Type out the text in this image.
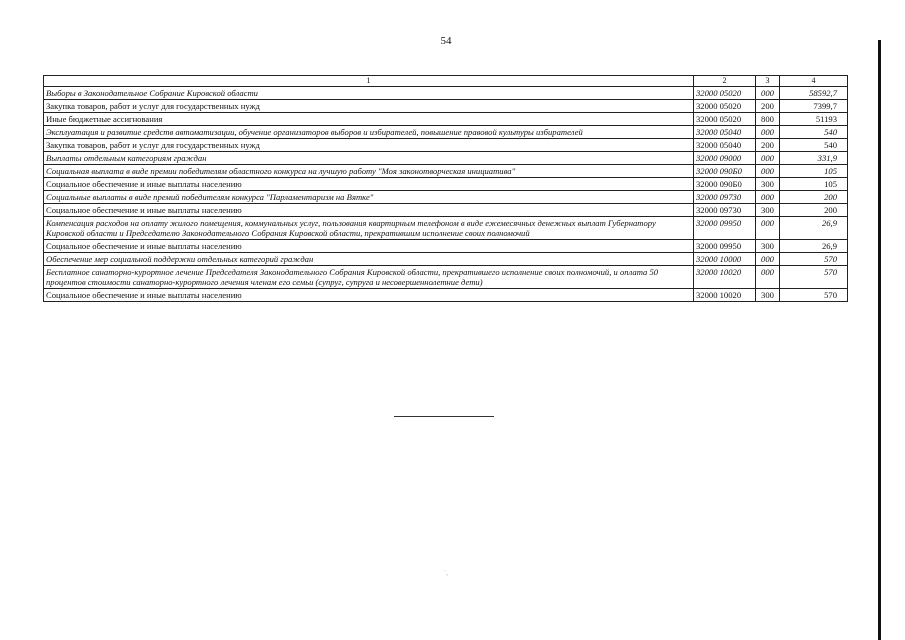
54
1	2	3	4
Выборы в Законодательное Собрание Кировской области	32000 05020	000	58592,7
Закупка товаров, работ и услуг для государственных нужд	32000 05020	200	7399,7
Иные бюджетные ассигнования	32000 05020	800	51193
Эксплуатация и развитие средств автоматизации, обучение организаторов выборов и избирателей, повышение правовой культуры избирателей	32000 05040	000	540
Закупка товаров, работ и услуг для государственных нужд	32000 05040	200	540
Выплаты отдельным категориям граждан	32000 09000	000	331,9
Социальная выплата в виде премии победителям областного конкурса на лучшую работу "Моя законотворческая инициатива"	32000 090Б0	000	105
Социальное обеспечение и иные выплаты населению	32000 090Б0	300	105
Социальные выплаты в виде премий победителям конкурса "Парламентаризм на Вятке"	32000 09730	000	200
Социальное обеспечение и иные выплаты населению	32000 09730	300	200
Компенсация расходов на оплату жилого помещения, коммунальных услуг, пользования квартирным телефоном в виде ежемесячных денежных выплат Губернатору Кировской области и Председателю Законодательного Собрания Кировской области, прекратившим исполнение своих полномочий	32000 09950	000	26,9
Социальное обеспечение и иные выплаты населению	32000 09950	300	26,9
Обеспечение мер социальной поддержки отдельных категорий граждан	32000 10000	000	570
Бесплатное санаторно-курортное лечение Председателя Законодательного Собрания Кировской области, прекратившего исполнение своих полномочий, и оплата 50 процентов стоимости санаторно-курортного лечения членам его семьи (супруг, супруга и несовершеннолетние дети)	32000 10020	000	570
Социальное обеспечение и иные выплаты населению	32000 10020	300	570
˙ˏ
